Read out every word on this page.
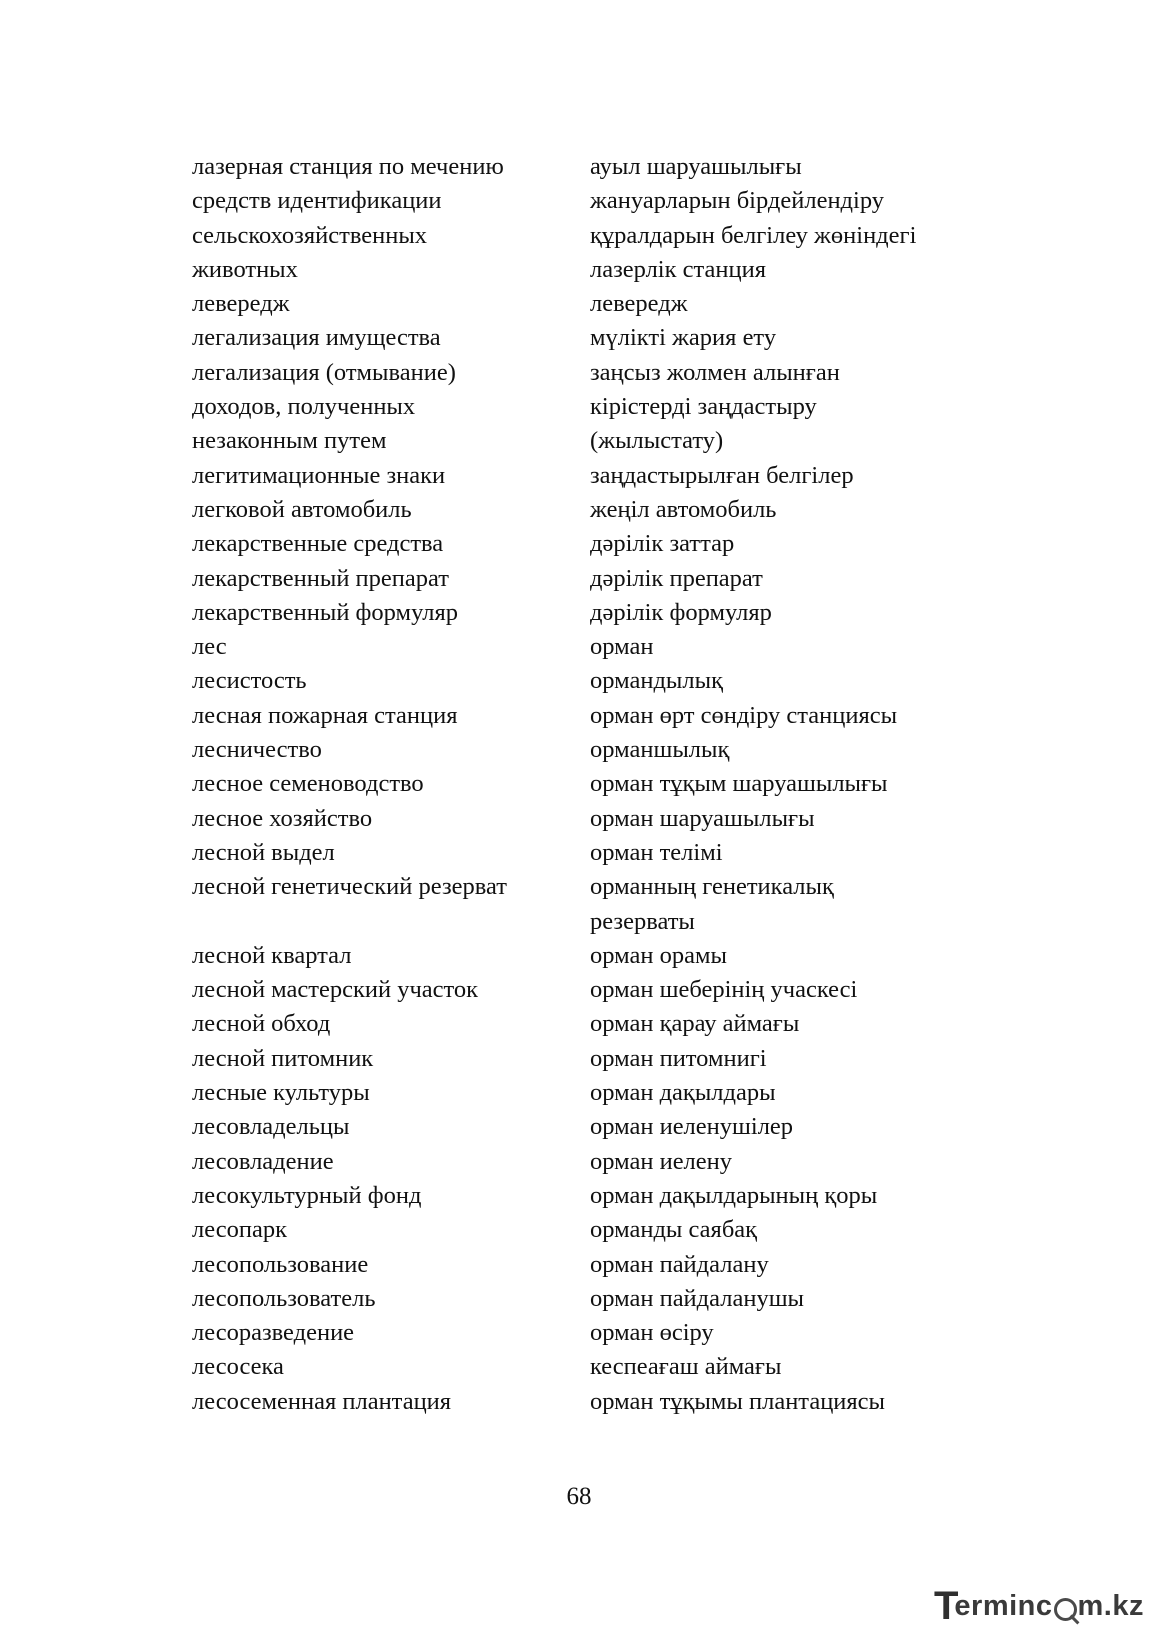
лазерная станция по мечению	ауыл шаруашылығы
средств идентификации	жануарларын бірдейлендіру
сельскохозяйственных	құралдарын белгілеу жөніндегі
животных	лазерлік станция
левередж	левередж
легализация имущества	мүлікті жария ету
легализация (отмывание)	заңсыз жолмен алынған
доходов, полученных	кірістерді заңдастыру
незаконным путем	(жылыстату)
легитимационные знаки	заңдастырылған белгілер
легковой автомобиль	жеңіл автомобиль
лекарственные средства	дәрілік заттар
лекарственный препарат	дәрілік препарат
лекарственный формуляр	дәрілік формуляр
лес	орман
лесистость	ормандылық
лесная пожарная станция	орман өрт сөндіру станциясы
лесничество	орманшылық
лесное семеноводство	орман тұқым шаруашылығы
лесное хозяйство	орман шаруашылығы
лесной выдел	орман телімі
лесной генетический резерват	орманның генетикалық
резерваты
лесной квартал	орман орамы
лесной мастерский участок	орман шеберінің учаскесі
лесной обход	орман қарау аймағы
лесной питомник	орман питомнигі
лесные культуры	орман дақылдары
лесовладельцы	орман иеленушілер
лесовладение	орман иелену
лесокультурный фонд	орман дақылдарының қоры
лесопарк	орманды саябақ
лесопользование	орман пайдалану
лесопользователь	орман пайдаланушы
лесоразведение	орман өсіру
лесосека	кеспеағаш аймағы
лесосеменная плантация	орман тұқымы плантациясы
68
T
erminc m.kz
